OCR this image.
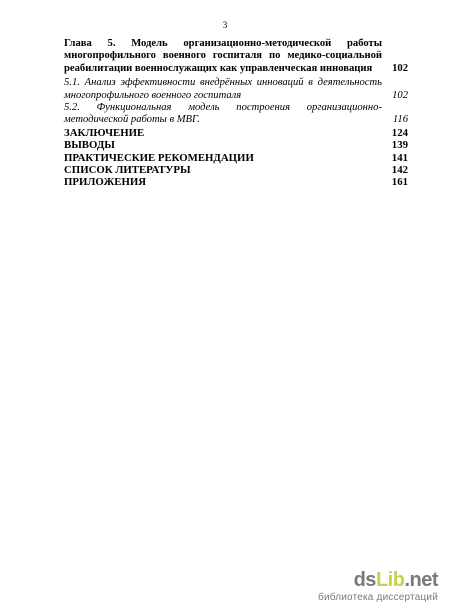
3
Глава 5. Модель организационно-методической работы многопрофильного военного госпиталя по медико-социальной реабилитации военнослужащих как управленческая инновация	102
5.1. Анализ эффективности внедрённых инноваций в деятельность многопрофильного военного госпиталя	102
5.2. Функциональная модель построения организационно-методической работы в МВГ.	116
ЗАКЛЮЧЕНИЕ	124
ВЫВОДЫ	139
ПРАКТИЧЕСКИЕ РЕКОМЕНДАЦИИ	141
СПИСОК ЛИТЕРАТУРЫ	142
ПРИЛОЖЕНИЯ	161
dsLib.net
библиотека диссертаций
